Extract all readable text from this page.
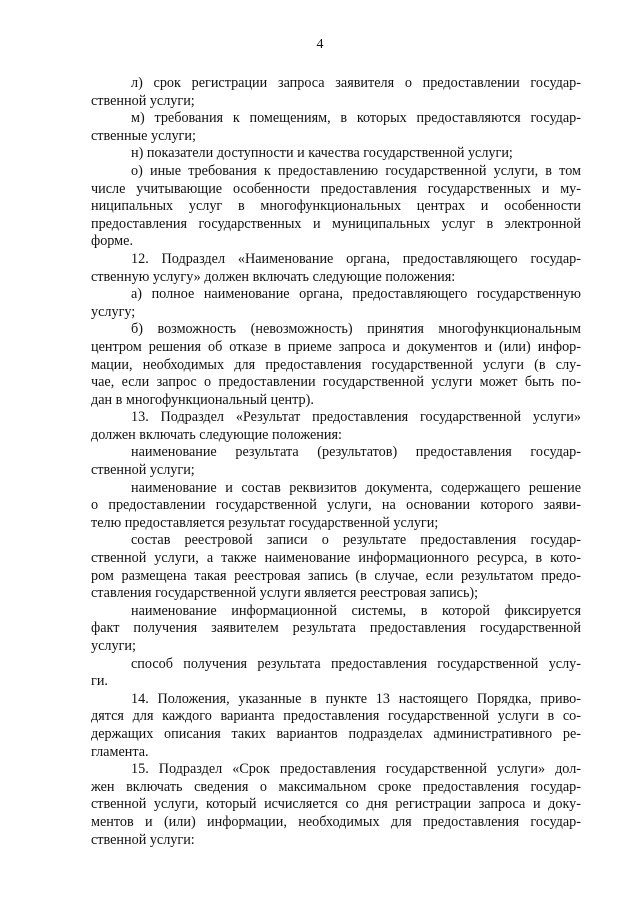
4
л) срок регистрации запроса заявителя о предоставлении государ-
ственной услуги;
м) требования к помещениям, в которых предоставляются государ-
ственные услуги;
н) показатели доступности и качества государственной услуги;
о) иные требования к предоставлению государственной услуги, в том
числе учитывающие особенности предоставления государственных и му-
ниципальных услуг в многофункциональных центрах и особенности
предоставления государственных и муниципальных услуг в электронной
форме.
12. Подраздел «Наименование органа, предоставляющего государ-
ственную услугу» должен включать следующие положения:
а) полное наименование органа, предоставляющего государственную
услугу;
б) возможность (невозможность) принятия многофункциональным
центром решения об отказе в приеме запроса и документов и (или) инфор-
мации, необходимых для предоставления государственной услуги (в слу-
чае, если запрос о предоставлении государственной услуги может быть по-
дан в многофункциональный центр).
13. Подраздел «Результат предоставления государственной услуги»
должен включать следующие положения:
наименование результата (результатов) предоставления государ-
ственной услуги;
наименование и состав реквизитов документа, содержащего решение
о предоставлении государственной услуги, на основании которого заяви-
телю предоставляется результат государственной услуги;
состав реестровой записи о результате предоставления государ-
ственной услуги, а также наименование информационного ресурса, в кото-
ром размещена такая реестровая запись (в случае, если результатом предо-
ставления государственной услуги является реестровая запись);
наименование информационной системы, в которой фиксируется
факт получения заявителем результата предоставления государственной
услуги;
способ получения результата предоставления государственной услу-
ги.
14. Положения, указанные в пункте 13 настоящего Порядка, приво-
дятся для каждого варианта предоставления государственной услуги в со-
держащих описания таких вариантов подразделах административного ре-
гламента.
15. Подраздел «Срок предоставления государственной услуги» дол-
жен включать сведения о максимальном сроке предоставления государ-
ственной услуги, который исчисляется со дня регистрации запроса и доку-
ментов и (или) информации, необходимых для предоставления государ-
ственной услуги:
